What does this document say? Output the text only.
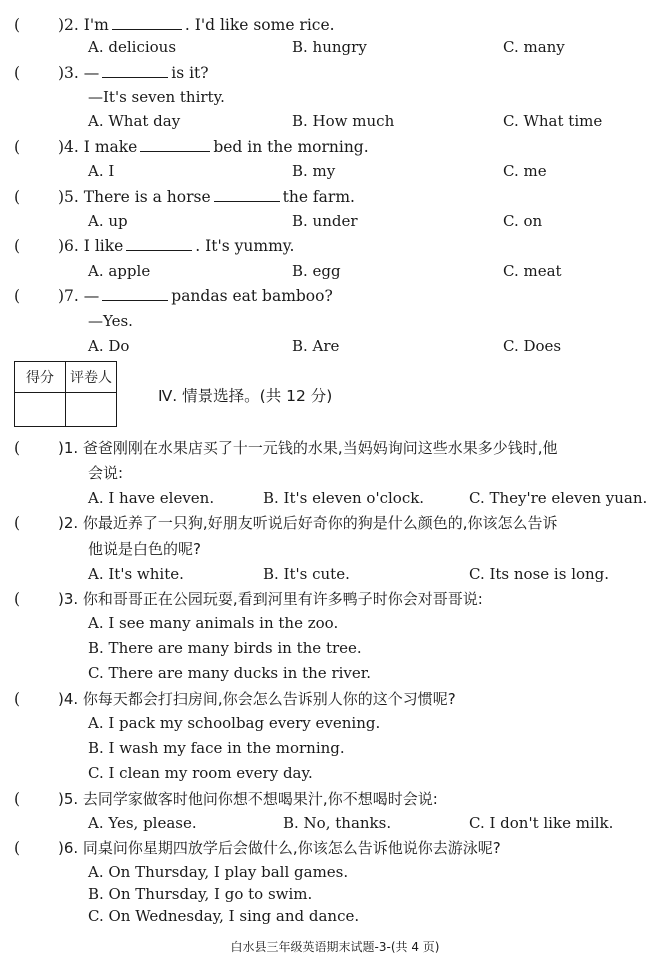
( )2. I'm	. I'd like some rice.
A. delicious	B. hungry	C. many
( )3. —	is it?
—It's seven thirty.
A. What day	B. How much	C. What time
( )4. I make	bed in the morning.
A. I	B. my	C. me
( )5. There is a horse	the farm.
A. up	B. under	C. on
( )6. I like	. It's yummy.
A. apple	B. egg	C. meat
( )7. —	pandas eat bamboo?
—Yes.
A. Do	B. Are	C. Does
得分	评卷人

Ⅳ. 情景选择。(共 12 分)
(	)1. 爸爸刚刚在水果店买了十一元钱的水果,当妈妈询问这些水果多少钱时,他
会说:
A. I have eleven.	B. It's eleven o'clock.	C. They're eleven yuan.
(	)2. 你最近养了一只狗,好朋友听说后好奇你的狗是什么颜色的,你该怎么告诉
他说是白色的呢?
A. It's white.	B. It's cute.	C. Its nose is long.
(	)3. 你和哥哥正在公园玩耍,看到河里有许多鸭子时你会对哥哥说:
A. I see many animals in the zoo.
B. There are many birds in the tree.
C. There are many ducks in the river.
(	)4. 你每天都会打扫房间,你会怎么告诉别人你的这个习惯呢?
A. I pack my schoolbag every evening.
B. I wash my face in the morning.
C. I clean my room every day.
(	)5. 去同学家做客时他问你想不想喝果汁,你不想喝时会说:
A. Yes, please.	B. No, thanks.	C. I don't like milk.
(	)6. 同桌问你星期四放学后会做什么,你该怎么告诉他说你去游泳呢?
A. On Thursday, I play ball games.
B. On Thursday, I go to swim.
C. On Wednesday, I sing and dance.
白水县三年级英语期末试题-3-(共 4 页)
